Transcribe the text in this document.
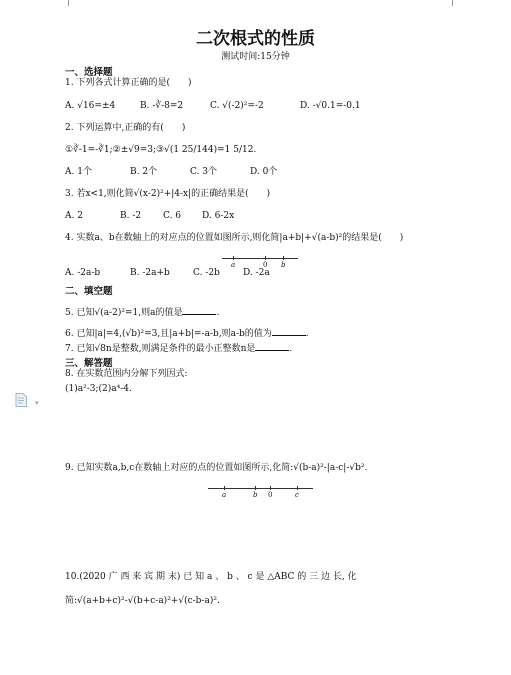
二次根式的性质
测试时间:15分钟
一、选择题
1. 下列各式计算正确的是(　　)
A. √16=±4	B. -∛-8=2	C. √(-2)²=-2	D. -√0.1=-0.1
2. 下列运算中,正确的有(　　)
①∛-1=-∛1;②±√9=3;③√(1 25/144)=1 5/12.
A. 1个	B. 2个	C. 3个	D. 0个
3. 若x<1,则化简√(x-2)²+|4-x|的正确结果是(　　)
A. 2	B. -2 C. 6 D. 6-2x
4. 实数a、b在数轴上的对应点的位置如图所示,则化简|a+b|+√(a-b)²的结果是(　　)
a	0 b
A. -2a-b	B. -2a+b	C. -2b	D. -2a
二、填空题
5. 已知√(a-2)²=1,则a的值是	.
6. 已知|a|=4,(√b)²=3,且|a+b|=-a-b,则a-b的值为	.
7. 已知√8n是整数,则满足条件的最小正整数n是	.
三、解答题
8. 在实数范围内分解下列因式:
(1)a²-3;(2)a⁴-4.
▾
9. 已知实数a,b,c在数轴上对应的点的位置如图所示,化简:√(b-a)²-|a-c|-√b².
a	b 0	c
10.(2020 广 西 来 宾 期 末) 已 知 a 、 b 、 c 是 △ABC 的 三 边 长, 化
简:√(a+b+c)²-√(b+c-a)²+√(c-b-a)².
